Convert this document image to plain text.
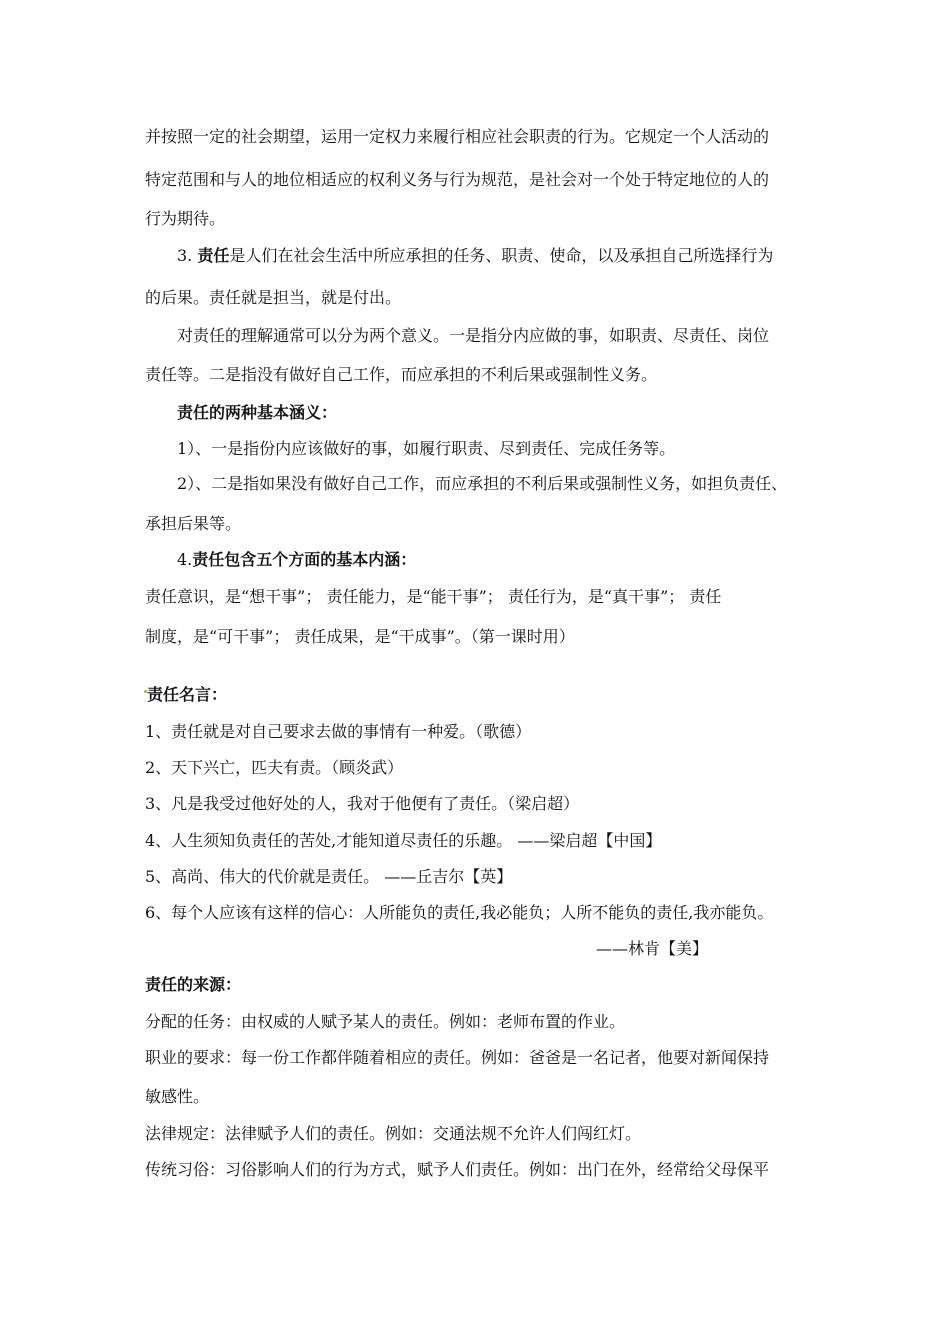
并按照一定的社会期望，运用一定权力来履行相应社会职责的行为。它规定一个人活动的
特定范围和与人的地位相适应的权利义务与行为规范，是社会对一个处于特定地位的人的
行为期待。
3. 责任是人们在社会生活中所应承担的任务、职责、使命，以及承担自己所选择行为
的后果。责任就是担当，就是付出。
对责任的理解通常可以分为两个意义。一是指分内应做的事，如职责、尽责任、岗位
责任等。二是指没有做好自己工作，而应承担的不利后果或强制性义务。
责任的两种基本涵义：
1）、一是指份内应该做好的事，如履行职责、尽到责任、完成任务等。
2）、二是指如果没有做好自己工作，而应承担的不利后果或强制性义务，如担负责任、
承担后果等。
4.责任包含五个方面的基本内涵：
责任意识，是“想干事”； 责任能力，是“能干事”； 责任行为，是“真干事”； 责任
制度，是“可干事”； 责任成果，是“干成事”。（第一课时用）
责任名言：
1、责任就是对自己要求去做的事情有一种爱。（歌德）
2、天下兴亡，匹夫有责。（顾炎武）
3、凡是我受过他好处的人，我对于他便有了责任。（梁启超）
4、人生须知负责任的苦处,才能知道尽责任的乐趣。 ——梁启超【中国】
5、高尚、伟大的代价就是责任。 ——丘吉尔【英】
6、每个人应该有这样的信心：人所能负的责任,我必能负；人所不能负的责任,我亦能负。
——林肯【美】
责任的来源：
分配的任务：由权威的人赋予某人的责任。例如：老师布置的作业。
职业的要求：每一份工作都伴随着相应的责任。例如：爸爸是一名记者，他要对新闻保持
敏感性。
法律规定：法律赋予人们的责任。例如：交通法规不允许人们闯红灯。
传统习俗：习俗影响人们的行为方式，赋予人们责任。例如：出门在外，经常给父母保平
